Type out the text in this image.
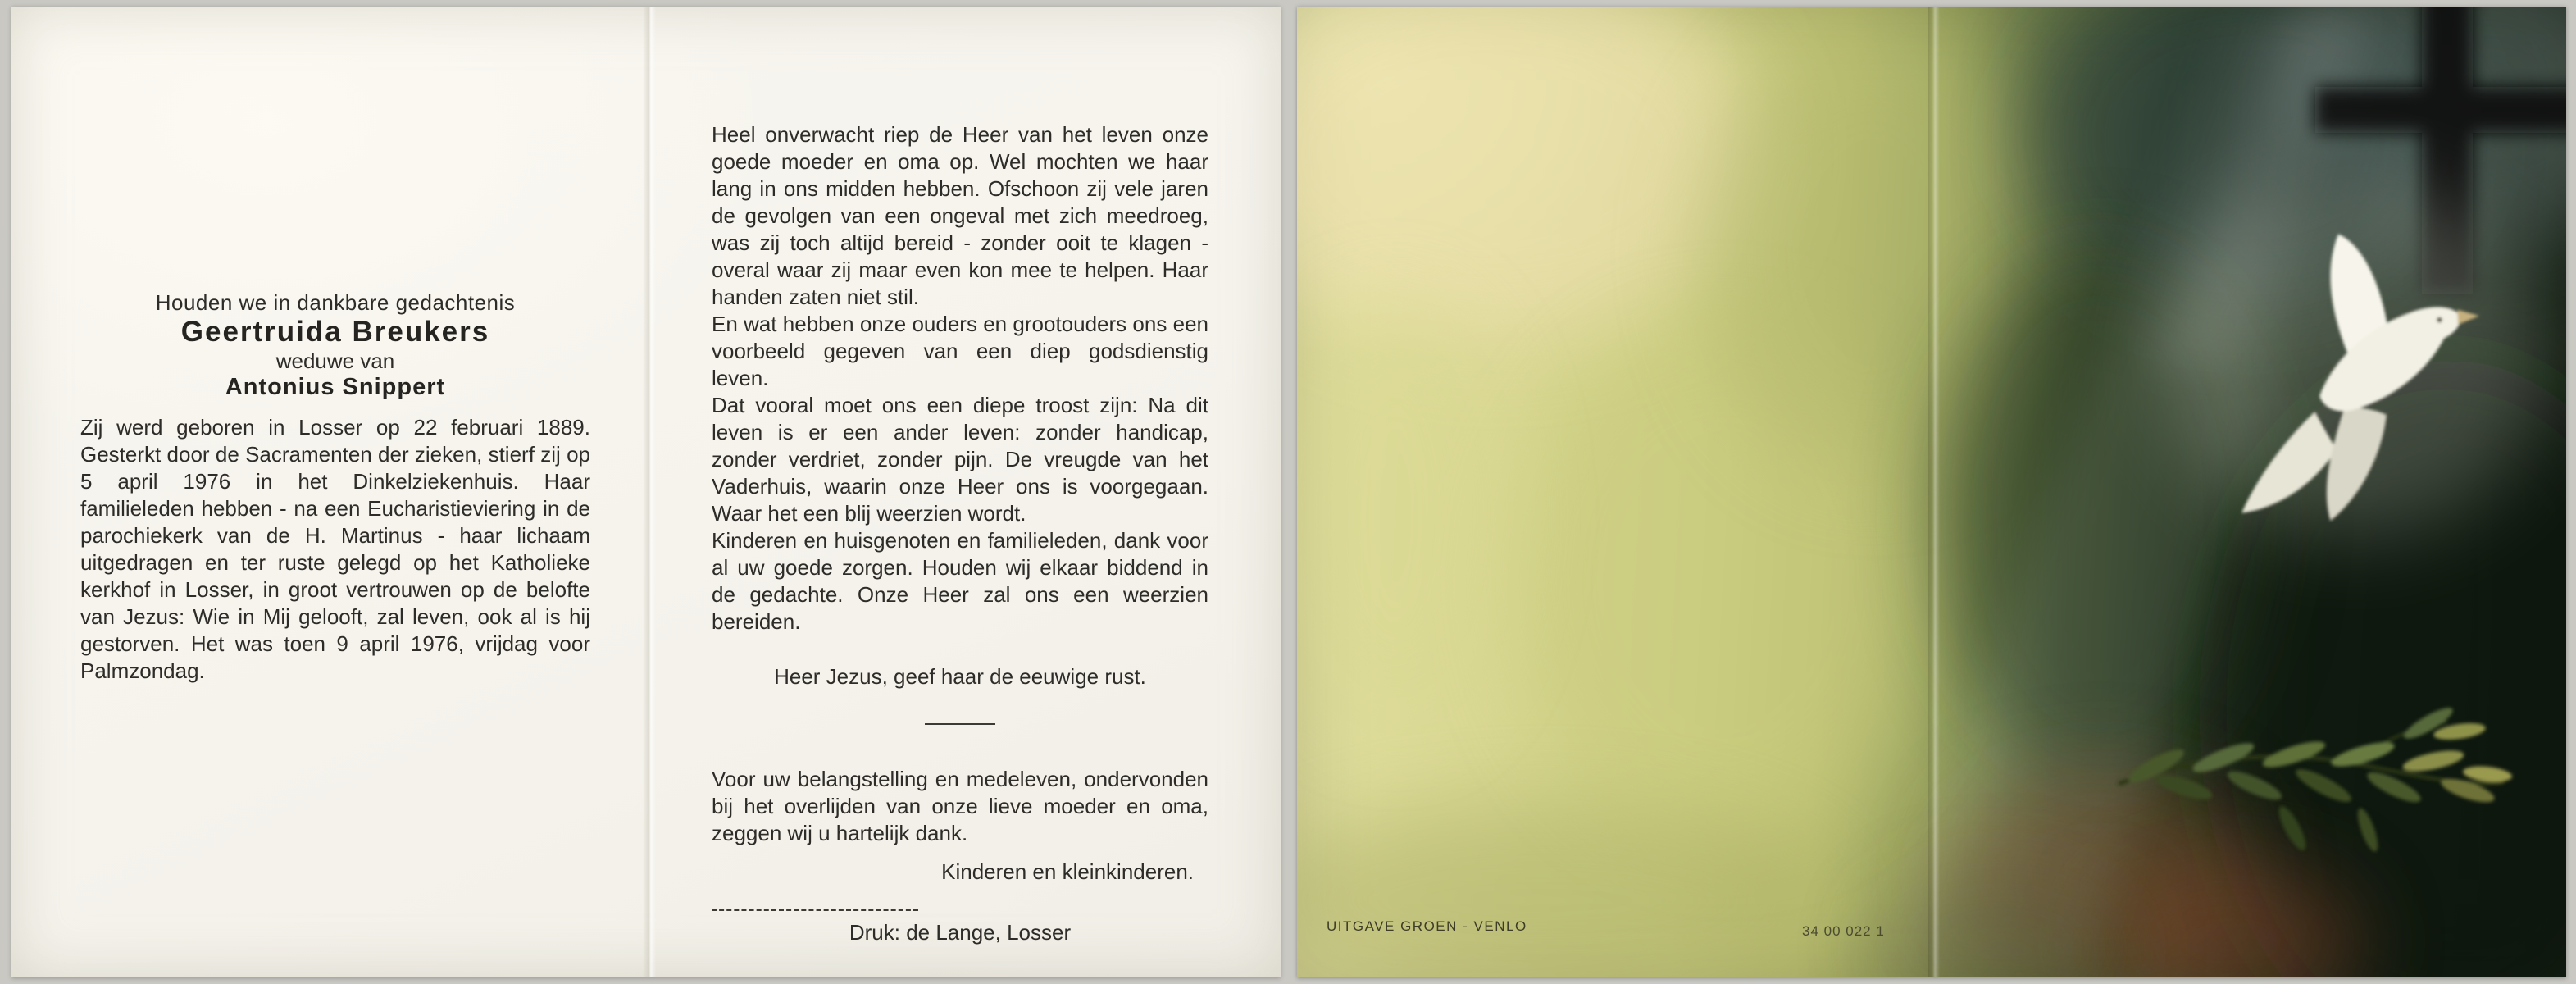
Houden we in dankbare gedachtenis

Geertruida Breukers

weduwe van

Antonius Snippert

Zij werd geboren in Losser op 22 februari 1889. Gesterkt door de Sacramenten der zieken, stierf zij op 5 april 1976 in het Dinkelziekenhuis. Haar familieleden hebben - na een Eucharistieviering in de parochiekerk van de H. Martinus - haar lichaam uitgedragen en ter ruste gelegd op het Katholieke kerkhof in Losser, in groot vertrouwen op de belofte van Jezus: Wie in Mij gelooft, zal leven, ook al is hij gestorven. Het was toen 9 april 1976, vrijdag voor Palmzondag.

Heel onverwacht riep de Heer van het leven onze goede moeder en oma op. Wel mochten we haar lang in ons midden hebben. Ofschoon zij vele jaren de gevolgen van een ongeval met zich meedroeg, was zij toch altijd bereid - zonder ooit te klagen - overal waar zij maar even kon mee te helpen. Haar handen zaten niet stil.

En wat hebben onze ouders en grootouders ons een voorbeeld gegeven van een diep godsdienstig leven.

Dat vooral moet ons een diepe troost zijn: Na dit leven is er een ander leven: zonder handicap, zonder verdriet, zonder pijn. De vreugde van het Vaderhuis, waarin onze Heer ons is voorgegaan. Waar het een blij weerzien wordt.

Kinderen en huisgenoten en familieleden, dank voor al uw goede zorgen. Houden wij elkaar biddend in de gedachte. Onze Heer zal ons een weerzien bereiden.

Heer Jezus, geef haar de eeuwige rust.

Voor uw belangstelling en medeleven, ondervonden bij het overlijden van onze lieve moeder en oma, zeggen wij u hartelijk dank.

Kinderen en kleinkinderen.

Druk: de Lange, Losser	UITGAVE GROEN - VENLO	34 00 022 1
